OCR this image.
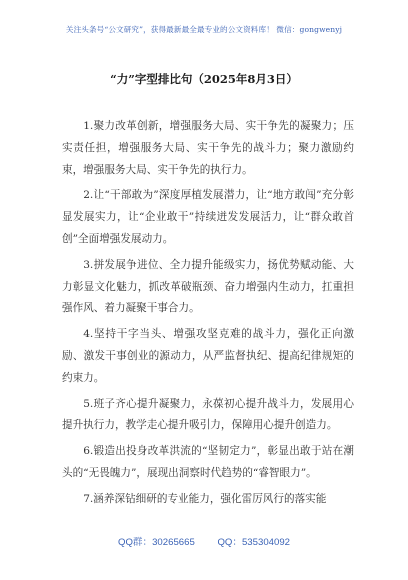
关注头条号“公文研究”，获得最新最全最专业的公文资料库！ 微信：gongwenyj
“力”字型排比句（2025年8月3日）

1.聚力改革创新，增强服务大局、实干争先的凝聚力；压实责任担，增强服务大局、实干争先的战斗力；聚力激励约束，增强服务大局、实干争先的执行力。

2.让“干部敢为”深度厚植发展潜力，让“地方敢闯”充分彰显发展实力，让“企业敢干”持续迸发发展活力，让“群众敢首创”全面增强发展动力。

3.拼发展争进位、全力提升能级实力，扬优势赋动能、大力彰显文化魅力，抓改革破瓶颈、奋力增强内生动力，扛重担强作风、着力凝聚干事合力。

4.坚持干字当头、增强攻坚克难的战斗力，强化正向激励、激发干事创业的源动力，从严监督执纪、提高纪律规矩的约束力。

5.班子齐心提升凝聚力，永葆初心提升战斗力，发展用心提升执行力，教学走心提升吸引力，保障用心提升创造力。

6.锻造出投身改革洪流的“坚韧定力”，彰显出敢于站在潮头的“无畏魄力”，展现出洞察时代趋势的“睿智眼力”。

7.涵养深钻细研的专业能力，强化雷厉风行的落实能

QQ群：30265665 QQ：535304092
